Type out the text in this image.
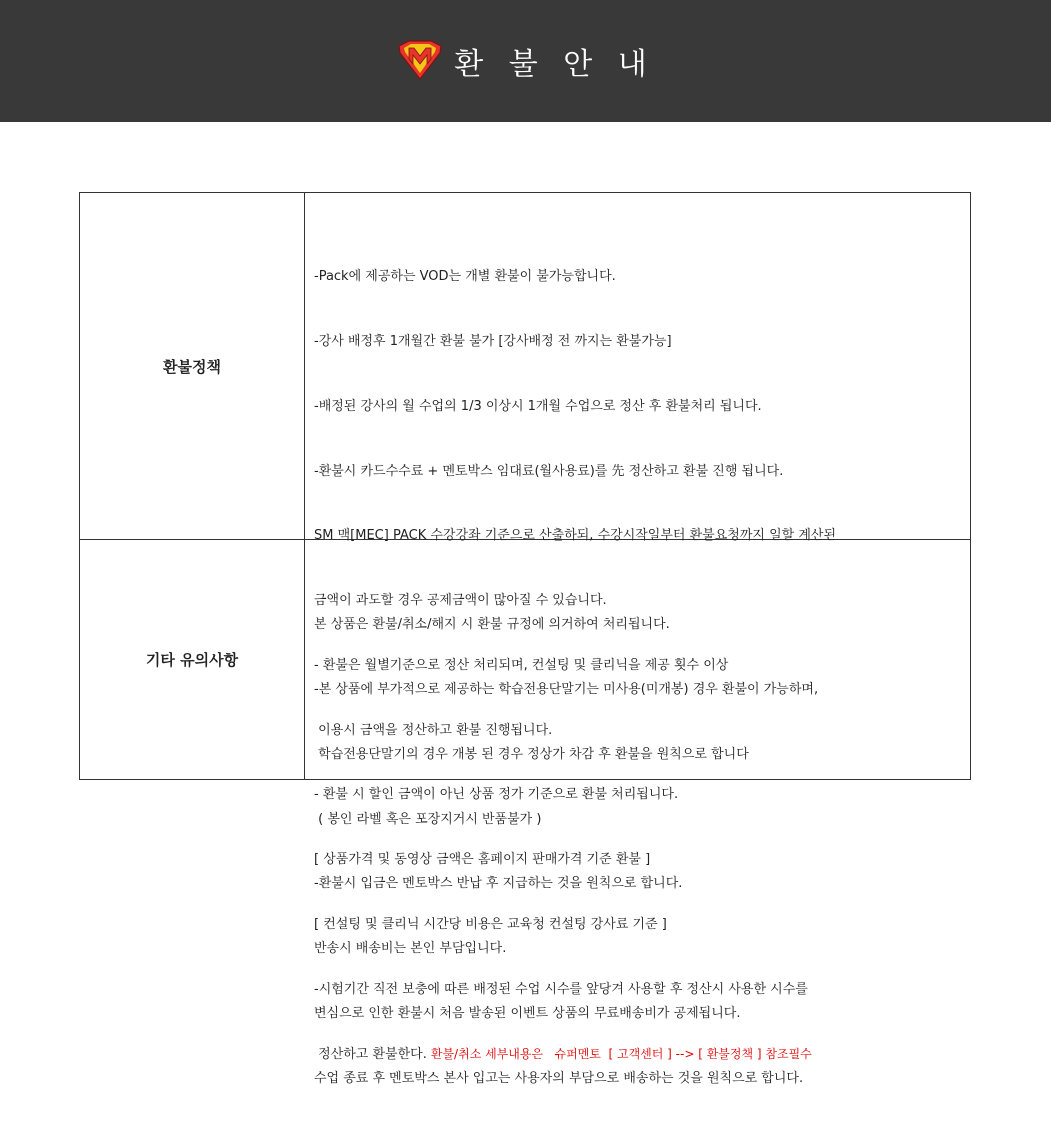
환 불 안 내
환불정책

-Pack에 제공하는 VOD는 개별 환불이 불가능합니다.

-강사 배정후 1개월간 환불 불가 [강사배정 전 까지는 환불가능]

-배정된 강사의 월 수업의 1/3 이상시 1개월 수업으로 정산 후 환불처리 됩니다.

-환불시 카드수수료 + 멘토박스 임대료(월사용료)를 先 정산하고 환불 진행 됩니다.

SM 맥[MEC] PACK 수강강좌 기준으로 산출하되, 수강시작일부터 환불요청까지 일할 계산된

금액이 과도할 경우 공제금액이 많아질 수 있습니다.

- 환불은 월별기준으로 정산 처리되며, 컨설팅 및 클리닉을 제공 횟수 이상

이용시 금액을 정산하고 환불 진행됩니다.

- 환불 시 할인 금액이 아닌 상품 정가 기준으로 환불 처리됩니다.

[ 상품가격 및 동영상 금액은 홈페이지 판매가격 기준 환불 ]

[ 컨설팅 및 클리닉 시간당 비용은 교육청 컨설팅 강사료 기준 ]

-시험기간 직전 보충에 따른 배정된 수업 시수를 앞당겨 사용할 후 정산시 사용한 시수를

정산하고 환불한다. 환불/취소 세부내용은   슈퍼멘토  [ 고객센터 ] --> [ 환불정책 ] 참조필수

기타 유의사항

본 상품은 환불/취소/해지 시 환불 규정에 의거하여 처리됩니다.

-본 상품에 부가적으로 제공하는 학습전용단말기는 미사용(미개봉) 경우 환불이 가능하며,

학습전용단말기의 경우 개봉 된 경우 정상가 차감 후 환불을 원칙으로 합니다

( 봉인 라벨 혹은 포장지거시 반품불가 )

-환불시 입금은 멘토박스 반납 후 지급하는 것을 원칙으로 합니다.

반송시 배송비는 본인 부담입니다.

변심으로 인한 환불시 처음 발송된 이벤트 상품의 무료배송비가 공제됩니다.

수업 종료 후 멘토박스 본사 입고는 사용자의 부담으로 배송하는 것을 원칙으로 합니다.
